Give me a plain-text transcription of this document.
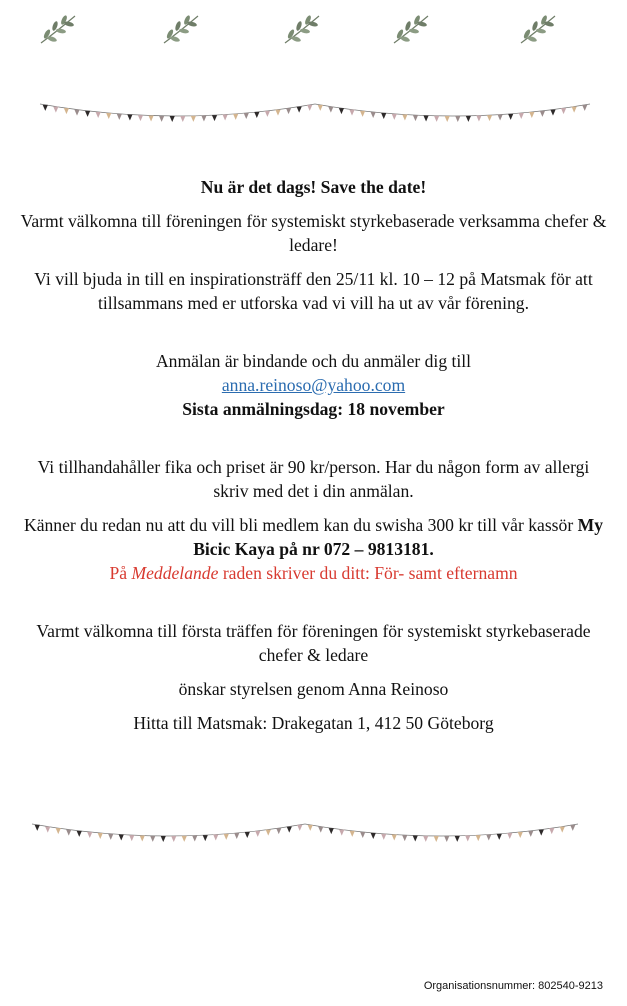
Nu är det dags! Save the date!

Varmt välkomna till föreningen för systemiskt styrkebaserade verksamma chefer & ledare!

Vi vill bjuda in till en inspirationsträff den 25/11 kl. 10 – 12 på Matsmak för att tillsammans med er utforska vad vi vill ha ut av vår förening.

Anmälan är bindande och du anmäler dig till

anna.reinoso@yahoo.com

Sista anmälningsdag: 18 november

Vi tillhandahåller fika och priset är 90 kr/person. Har du någon form av allergi skriv med det i din anmälan.

Känner du redan nu att du vill bli medlem kan du swisha 300 kr till vår kassör My Bicic Kaya på nr 072 – 9813181.

På Meddelande raden skriver du ditt: För- samt efternamn

Varmt välkomna till första träffen för föreningen för systemiskt styrkebaserade chefer & ledare

önskar styrelsen genom Anna Reinoso

Hitta till Matsmak: Drakegatan 1, 412 50 Göteborg

Organisationsnummer: 802540-9213
